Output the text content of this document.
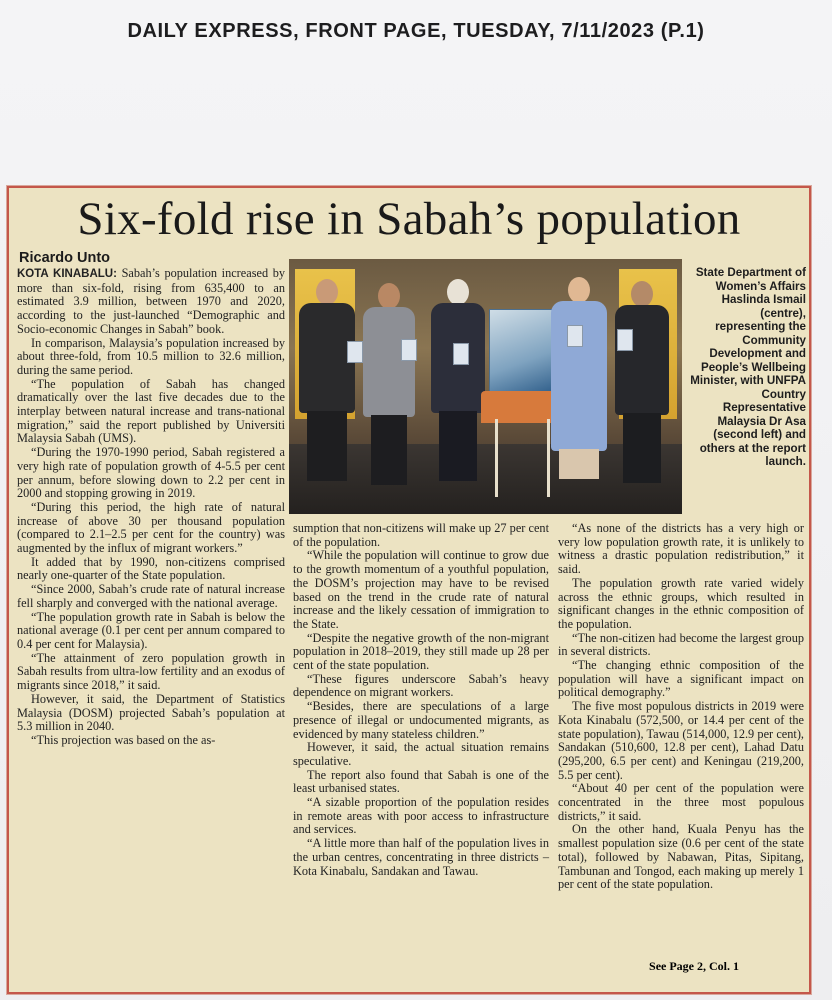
DAILY EXPRESS, FRONT PAGE, TUESDAY, 7/11/2023 (P.1)
Six-fold rise in Sabah’s population
Ricardo Unto

KOTA KINABALU: Sabah’s population increased by more than six-fold, rising from 635,400 to an estimated 3.9 million, between 1970 and 2020, according to the just-launched “Demographic and Socio-economic Changes in Sabah” book.

In comparison, Malaysia’s population increased by about three-fold, from 10.5 million to 32.6 million, during the same period.

“The population of Sabah has changed dramatically over the last five decades due to the interplay between natural increase and trans-national migration,” said the report published by Universiti Malaysia Sabah (UMS).

“During the 1970-1990 period, Sabah registered a very high rate of population growth of 4-5.5 per cent per annum, before slowing down to 2.2 per cent in 2000 and stopping growing in 2019.

“During this period, the high rate of natural increase of above 30 per thousand population (compared to 2.1–2.5 per cent for the country) was augmented by the influx of migrant workers.”

It added that by 1990, non-citizens comprised nearly one-quarter of the State population.

“Since 2000, Sabah’s crude rate of natural increase fell sharply and converged with the national average.

“The population growth rate in Sabah is below the national average (0.1 per cent per annum compared to 0.4 per cent for Malaysia).

“The attainment of zero population growth in Sabah results from ultra-low fertility and an exodus of migrants since 2018,” it said.

However, it said, the Department of Statistics Malaysia (DOSM) projected Sabah’s population at 5.3 million in 2040.

“This projection was based on the as-

State Department of Women’s Affairs Haslinda Ismail (centre), representing the Community Development and People’s Wellbeing Minister, with UNFPA Country Representative Malaysia Dr Asa (second left) and others at the report launch.

sumption that non-citizens will make up 27 per cent of the population.

“While the population will continue to grow due to the growth momentum of a youthful population, the DOSM’s projection may have to be revised based on the trend in the crude rate of natural increase and the likely cessation of immigration to the State.

“Despite the negative growth of the non-migrant population in 2018–2019, they still made up 28 per cent of the state population.

“These figures underscore Sabah’s heavy dependence on migrant workers.

“Besides, there are speculations of a large presence of illegal or undocumented migrants, as evidenced by many stateless children.”

However, it said, the actual situation remains speculative.

The report also found that Sabah is one of the least urbanised states.

“A sizable proportion of the population resides in remote areas with poor access to infrastructure and services.

“A little more than half of the population lives in the urban centres, concentrating in three districts – Kota Kinabalu, Sandakan and Tawau.

“As none of the districts has a very high or very low population growth rate, it is unlikely to witness a drastic population redistribution,” it said.

The population growth rate varied widely across the ethnic groups, which resulted in significant changes in the ethnic composition of the population.

“The non-citizen had become the largest group in several districts.

“The changing ethnic composition of the population will have a significant impact on political demography.”

The five most populous districts in 2019 were Kota Kinabalu (572,500, or 14.4 per cent of the state population), Tawau (514,000, 12.9 per cent), Sandakan (510,600, 12.8 per cent), Lahad Datu (295,200, 6.5 per cent) and Keningau (219,200, 5.5 per cent).

“About 40 per cent of the population were concentrated in the three most populous districts,” it said.

On the other hand, Kuala Penyu has the smallest population size (0.6 per cent of the state total), followed by Nabawan, Pitas, Sipitang, Tambunan and Tongod, each making up merely 1 per cent of the state population.

See Page 2, Col. 1
